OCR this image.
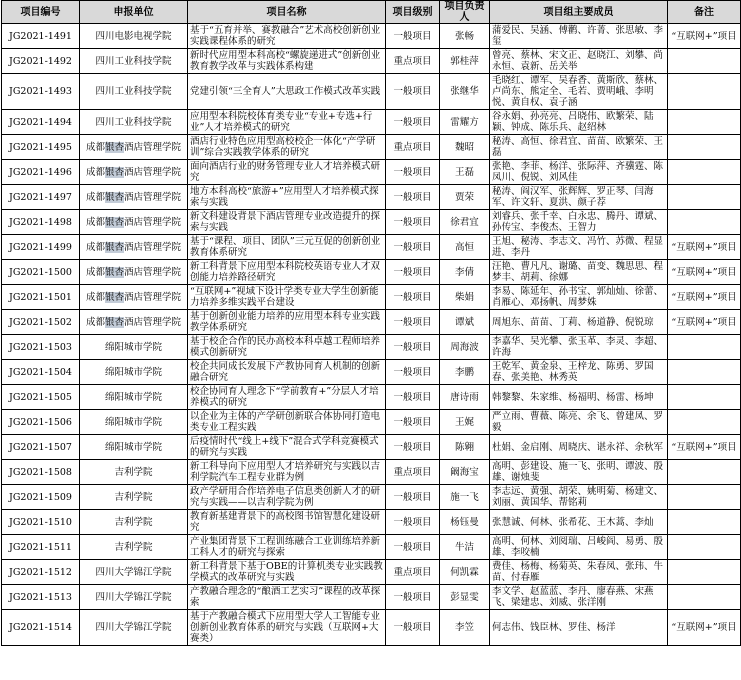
项目编号	申报单位	项目名称	项目级别	项目负责人	项目组主要成员	备注
JG2021-1491	四川电影电视学院	基于“五育并举、赛教融合”艺术高校创新创业实践课程体系的研究	一般项目	张畅	蒲爱民、吴涵、傅鹳、许菁、张思敏、李玺	“互联网+”项目
JG2021-1492	四川工业科技学院	新时代应用型本科高校“螺旋递进式”创新创业教育教学改革与实践体系构建	重点项目	郭桂萍	曾亮、蔡林、宋文正、赵晓江、刘攀、尚永恒、袁新、岳关举	
JG2021-1493	四川工业科技学院	党建引领“三全育人”大思政工作模式改革实践	一般项目	张继华	毛晓红、谭军、吴春香、黄斯欣、蔡林、卢尚东、熊定全、毛若、贾明峨、李明悦、黄自权、袁子涵	
JG2021-1494	四川工业科技学院	应用型本科院校体育类专业“专业+专选+行业”人才培养模式的研究	一般项目	雷耀方	谷永娟、孙亮亮、吕晓伟、欧繁荣、陆颖、钟成、陈乐兵、赵绍林	
JG2021-1495	成都银杏酒店管理学院	酒店行业特色应用型高校校企一体化“产学研训”综合实践教学体系的研究	重点项目	魏昭	秘涛、高恒、徐君宜、苗苗、欧繁荣、王磊	
JG2021-1496	成都银杏酒店管理学院	面向酒店行业的财务管理专业人才培养模式研究	一般项目	王磊	张艳、李菲、杨洋、张际萍、齐骥霆、陈凤川、倪锐、刘风佳	
JG2021-1497	成都银杏酒店管理学院	地方本科高校“旅游+”应用型人才培养模式探索与实践	一般项目	贾荣	秘涛、阎汉军、张辉辉、罗正琴、闫海军、许文轩、夏洪、颜子荐	
JG2021-1498	成都银杏酒店管理学院	新文科建设背景下酒店管理专业改造提升的探索与实践	一般项目	徐君宜	刘睿兵、张千幸、白永忠、腾丹、谭斌、孙传宝、李俊杰、王智力	
JG2021-1499	成都银杏酒店管理学院	基于“课程、项目、团队”三元互促的创新创业教育体系研究	一般项目	高恒	王旭、秘涛、李志文、冯竹、苏微、程显进、李丹	“互联网+”项目
JG2021-1500	成都银杏酒店管理学院	新工科背景下应用型本科院校英语专业人才双创能力培养路径研究	一般项目	李倩	汪艳、曹凡凡、谢璐、苗变、魏思思、程梦丰、胡莉、徐娜	“互联网+”项目
JG2021-1501	成都银杏酒店管理学院	“互联网+”视域下设计学类专业大学生创新能力培养多维实践平台建设	一般项目	柴娟	李易、陈延年、孙书宝、郭灿灿、徐蕾、肖雁心、邓扬帆、周梦姝	“互联网+”项目
JG2021-1502	成都银杏酒店管理学院	基于创新创业能力培养的应用型本科专业实践教学体系研究	一般项目	谭斌	周旭东、苗苗、丁莉、杨道静、倪锐琼	“互联网+”项目
JG2021-1503	绵阳城市学院	基于校企合作的民办高校本科卓越工程师培养模式创新研究	一般项目	周海波	李嘉华、吴光攀、张玉革、李灵、李超、许海	
JG2021-1504	绵阳城市学院	校企共同成长发展下产教协同育人机制的创新融合研究	一般项目	李鹏	王乾军、黄金泉、王梓龙、陈勇、罗国春、张美艳、林秀英	
JG2021-1505	绵阳城市学院	校企协同育人理念下“学前教育+”分层人才培养模式的研究	一般项目	唐诗雨	韩黎黎、朱家维、杨福明、杨雷、杨坤	
JG2021-1506	绵阳城市学院	以企业为主体的产学研创新联合体协同打造电类专业工程实践	一般项目	王娓	严立雨、曹薇、陈亮、余飞、曾建凤、罗毅	
JG2021-1507	绵阳城市学院	后疫情时代“线上+线下”混合式学科竞赛模式的研究与实践	一般项目	陈翱	杜娟、金启刚、周晓庆、谌永祥、余秋军	“互联网+”项目
JG2021-1508	吉利学院	新工科导向下应用型人才培养研究与实践以吉利学院汽车工程专业群为例	重点项目	阚海宝	高明、彭建设、施一飞、张明、谭波、殷雄、谢烛斐	
JG2021-1509	吉利学院	政产学研用合作培养电子信息类创新人才的研究与实践——以吉利学院为例	一般项目	施一飞	李志远、黄强、胡荣、姚明菊、杨建文、刘丽、黄国华、帮铭莉	
JG2021-1510	吉利学院	教育新基建背景下的高校图书馆智慧化建设研究	一般项目	杨钰曼	张慧诚、何林、张希花、王木蒿、李灿	
JG2021-1511	吉利学院	产业集团背景下工程训练融合工业训练培养新工科人才的研究与探索	一般项目	牛洁	高明、何林、刘阅瑞、吕峻阎、易勇、殷雄、李咬楠	
JG2021-1512	四川大学锦江学院	新工科背景下基于OBE的计算机类专业实践教学模式的改革研究与实践	重点项目	何凯霖	费佳、杨梅、杨菊英、朱春凤、张玮、牛苗、付春雁	
JG2021-1513	四川大学锦江学院	产教融合理念的“酿酒工艺实习”课程的改革探索	一般项目	彭显雯	李文学、赵蓝蓝、李丹、廖春燕、宋燕飞、梁建忠、刘威、张洋刚	
JG2021-1514	四川大学锦江学院	基于产教融合模式下应用型大学人工智能专业创新创业教育体系的研究与实践（互联网+大赛类）	一般项目	李笠	何志伟、钱臣林、罗佳、杨洋	“互联网+”项目
